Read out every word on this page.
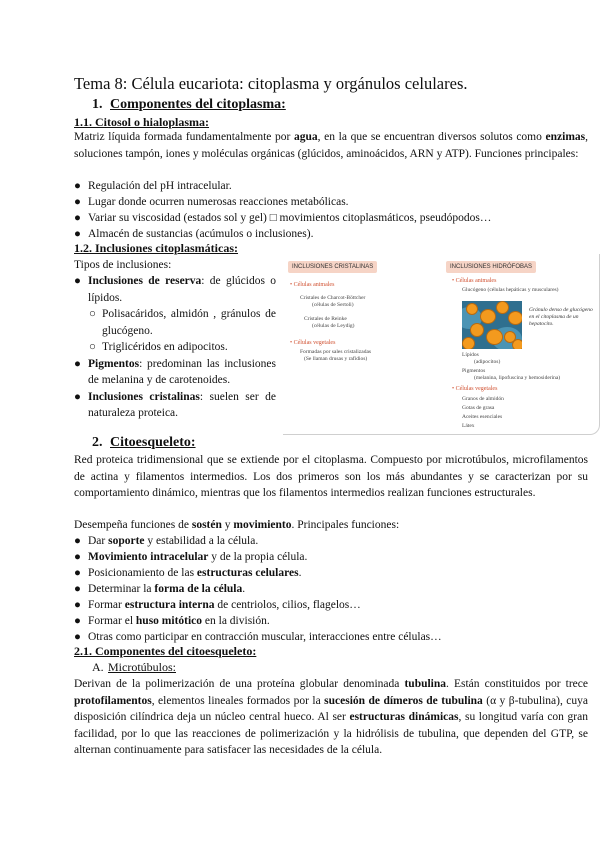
Tema 8: Célula eucariota: citoplasma y orgánulos celulares.
1. Componentes del citoplasma:
1.1. Citosol o hialoplasma:
Matriz líquida formada fundamentalmente por agua, en la que se encuentran diversos solutos como enzimas, soluciones tampón, iones y moléculas orgánicas (glúcidos, aminoácidos, ARN y ATP). Funciones principales:
● Regulación del pH intracelular.
● Lugar donde ocurren numerosas reacciones metabólicas.
● Variar su viscosidad (estados sol y gel) □ movimientos citoplasmáticos, pseudópodos…
● Almacén de sustancias (acúmulos o inclusiones).
1.2. Inclusiones citoplasmáticas:
Tipos de inclusiones:
● Inclusiones de reserva: de glúcidos o lípidos.
○ Polisacáridos, almidón , gránulos de glucógeno.
○ Triglicéridos en adipocitos.
● Pigmentos: predominan las inclusiones de melanina y de carotenoides.
● Inclusiones cristalinas: suelen ser de naturaleza proteica.
INCLUSIONES CRISTALINAS	INCLUSIONES HIDRÓFOBAS
• Células animales
Cristales de Charcot-Böttcher
(células de Sertoli)
Cristales de Reinke
(células de Leydig)
• Células vegetales
Formadas por sales cristalizadas
(Se llaman drusas y rafidios)
• Células animales
Glucógeno (células hepáticas y musculares)
Gránulo denso de glucógeno en el citoplasma de un hepatocito.
Lípidos
(adipocitos)
Pigmentos
(melanina, lipofuscina y hemosiderina)
• Células vegetales
Granos de almidón
Gotas de grasa
Aceites esenciales
Látex
2. Citoesqueleto:
Red proteica tridimensional que se extiende por el citoplasma. Compuesto por microtúbulos, microfilamentos de actina y filamentos intermedios. Los dos primeros son los más abundantes y se caracterizan por su comportamiento dinámico, mientras que los filamentos intermedios realizan funciones estructurales.
Desempeña funciones de sostén y movimiento. Principales funciones:
● Dar soporte y estabilidad a la célula.
● Movimiento intracelular y de la propia célula.
● Posicionamiento de las estructuras celulares.
● Determinar la forma de la célula.
● Formar estructura interna de centriolos, cilios, flagelos…
● Formar el huso mitótico en la división.
● Otras como participar en contracción muscular, interacciones entre células…
2.1. Componentes del citoesqueleto:
A. Microtúbulos:
Derivan de la polimerización de una proteína globular denominada tubulina. Están constituidos por trece protofilamentos, elementos lineales formados por la sucesión de dímeros de tubulina (α y β-tubulina), cuya disposición cilíndrica deja un núcleo central hueco. Al ser estructuras dinámicas, su longitud varía con gran facilidad, por lo que las reacciones de polimerización y la hidrólisis de tubulina, que dependen del GTP, se alternan continuamente para satisfacer las necesidades de la célula.
